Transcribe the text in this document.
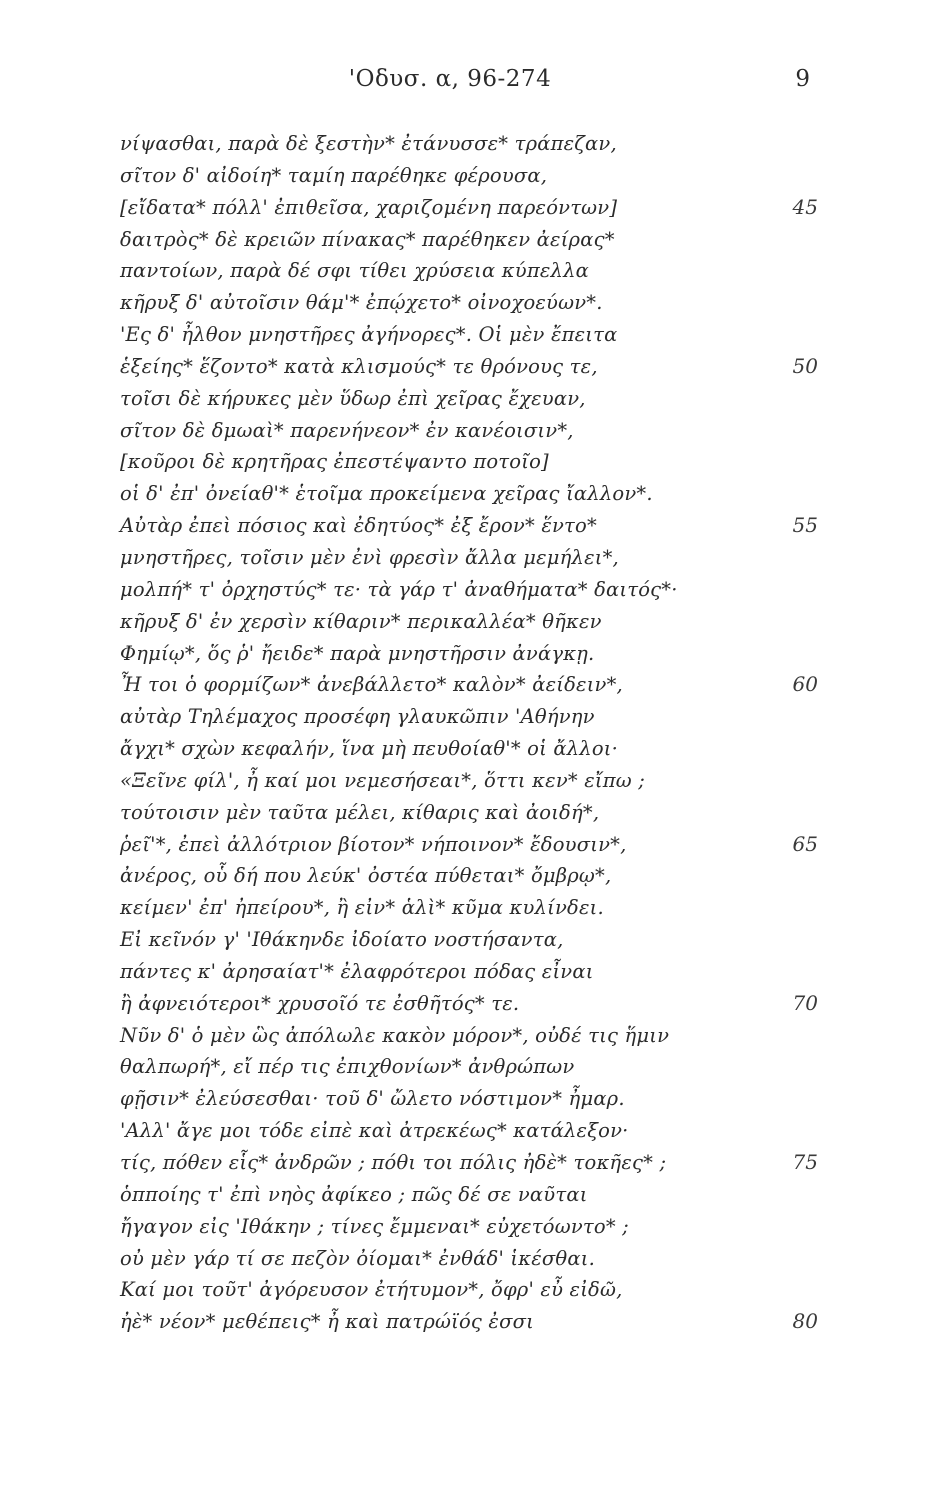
'Οδυσ. α, 96-274	9
νίψασθαι, παρὰ δὲ ξεστὴν* ἐτάνυσσε* τράπεζαν,
σῖτον δ' αἰδοίη* ταμίη παρέθηκε φέρουσα,
[εἴδατα* πόλλ' ἐπιθεῖσα, χαριζομένη παρεόντων]	45
δαιτρὸς* δὲ κρειῶν πίνακας* παρέθηκεν ἀείρας*
παντοίων, παρὰ δέ σφι τίθει χρύσεια κύπελλα
κῆρυξ δ' αὐτοῖσιν θάμ'* ἐπῴχετο* οἰνοχοεύων*.
'Ες δ' ἦλθον μνηστῆρες ἀγήνορες*. Οἱ μὲν ἔπειτα
ἑξείης* ἕζοντο* κατὰ κλισμούς* τε θρόνους τε,	50
τοῖσι δὲ κήρυκες μὲν ὕδωρ ἐπὶ χεῖρας ἔχευαν,
σῖτον δὲ δμωαὶ* παρενήνεον* ἐν κανέοισιν*,
[κοῦροι δὲ κρητῆρας ἐπεστέψαντο ποτοῖο]
οἱ δ' ἐπ' ὀνείαθ'* ἑτοῖμα προκείμενα χεῖρας ἴαλλον*.
Αὐτὰρ ἐπεὶ πόσιος καὶ ἐδητύος* ἐξ ἔρον* ἕντο*	55
μνηστῆρες, τοῖσιν μὲν ἐνὶ φρεσὶν ἄλλα μεμήλει*,
μολπή* τ' ὀρχηστύς* τε· τὰ γάρ τ' ἀναθήματα* δαιτός*·
κῆρυξ δ' ἐν χερσὶν κίθαριν* περικαλλέα* θῆκεν
Φημίῳ*, ὅς ῥ' ἤειδε* παρὰ μνηστῆρσιν ἀνάγκῃ.
Ἦ τοι ὁ φορμίζων* ἀνεβάλλετο* καλὸν* ἀείδειν*,	60
αὐτὰρ Τηλέμαχος προσέφη γλαυκῶπιν 'Αθήνην
ἄγχι* σχὼν κεφαλήν, ἵνα μὴ πευθοίαθ'* οἱ ἄλλοι·
«Ξεῖνε φίλ', ἦ καί μοι νεμεσήσεαι*, ὅττι κεν* εἴπω ;
τούτοισιν μὲν ταῦτα μέλει, κίθαρις καὶ ἀοιδή*,
ῥεῖ'*, ἐπεὶ ἀλλότριον βίοτον* νήποινον* ἔδουσιν*,	65
ἀνέρος, οὗ δή που λεύκ' ὀστέα πύθεται* ὄμβρῳ*,
κείμεν' ἐπ' ἠπείρου*, ἢ εἰν* ἁλὶ* κῦμα κυλίνδει.
Εἰ κεῖνόν γ' 'Ιθάκηνδε ἰδοίατο νοστήσαντα,
πάντες κ' ἀρησαίατ'* ἐλαφρότεροι πόδας εἶναι
ἢ ἀφνειότεροι* χρυσοῖό τε ἐσθῆτός* τε.	70
Νῦν δ' ὁ μὲν ὣς ἀπόλωλε κακὸν μόρον*, οὐδέ τις ἥμιν
θαλπωρή*, εἴ πέρ τις ἐπιχθονίων* ἀνθρώπων
φῇσιν* ἐλεύσεσθαι· τοῦ δ' ὤλετο νόστιμον* ἦμαρ.
'Αλλ' ἄγε μοι τόδε εἰπὲ καὶ ἀτρεκέως* κατάλεξον·
τίς, πόθεν εἷς* ἀνδρῶν ; πόθι τοι πόλις ἠδὲ* τοκῆες* ;	75
ὁπποίης τ' ἐπὶ νηὸς ἀφίκεο ; πῶς δέ σε ναῦται
ἤγαγον εἰς 'Ιθάκην ; τίνες ἔμμεναι* εὐχετόωντο* ;
οὐ μὲν γάρ τί σε πεζὸν ὀίομαι* ἐνθάδ' ἱκέσθαι.
Καί μοι τοῦτ' ἀγόρευσον ἐτήτυμον*, ὄφρ' εὖ εἰδῶ,
ἠὲ* νέον* μεθέπεις* ἦ καὶ πατρώϊός ἐσσι	80
